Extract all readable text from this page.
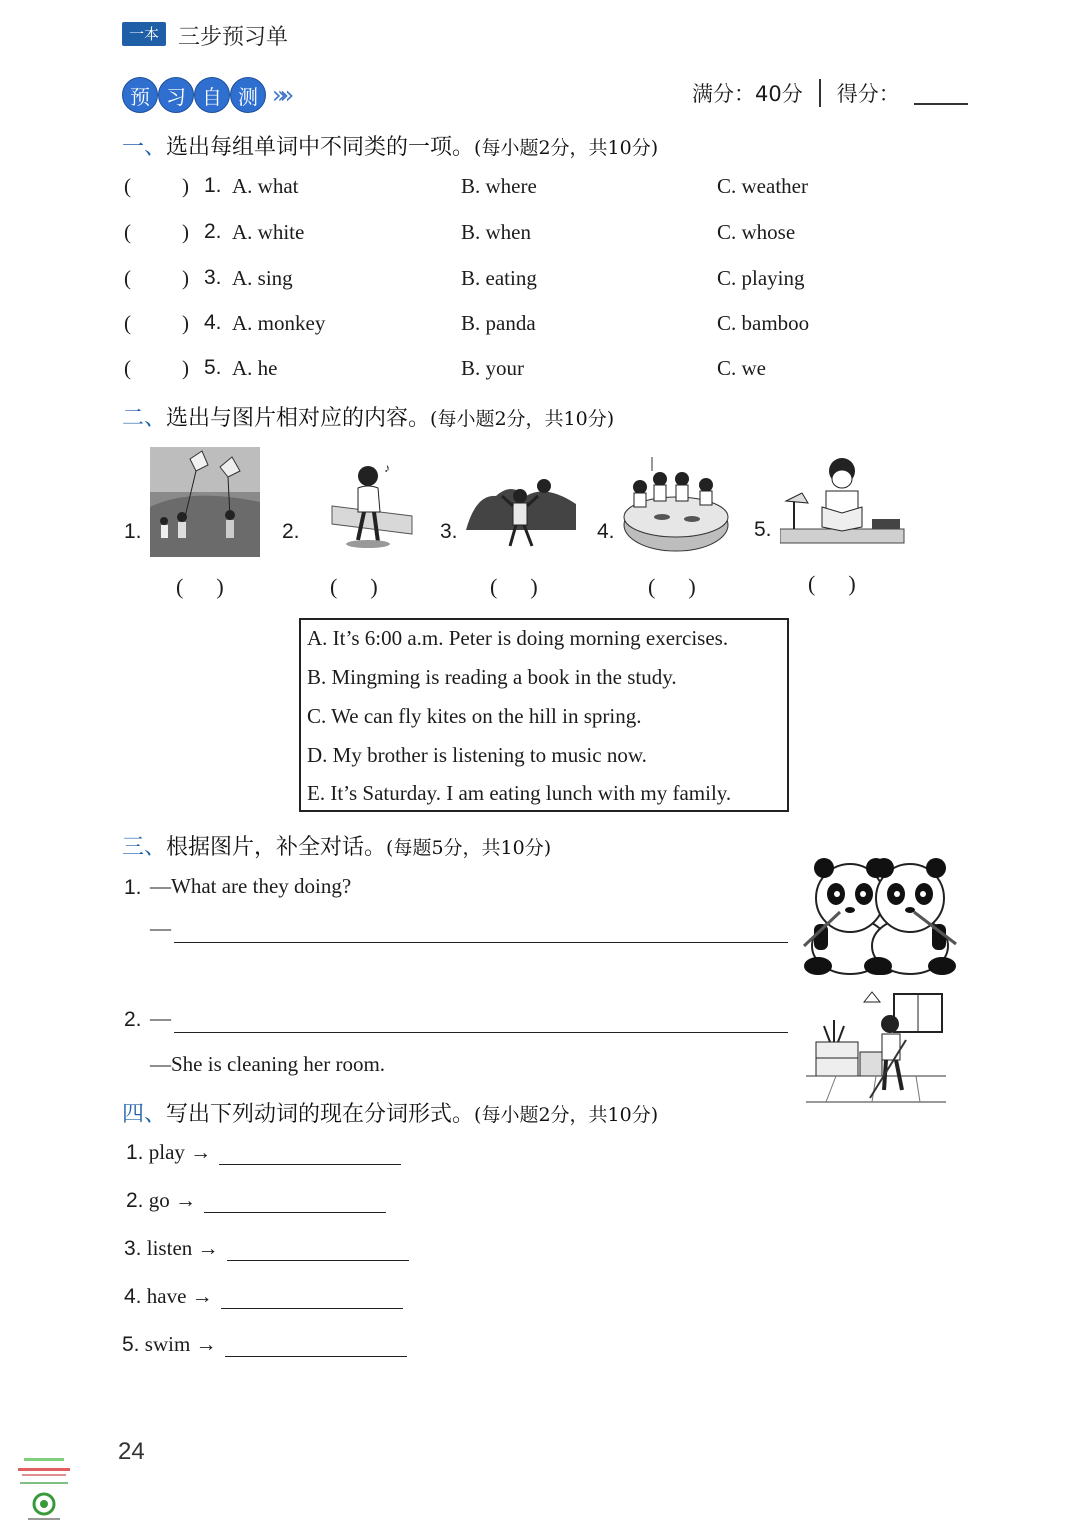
一本 三步预习单
预 习 自 测 »»	满分：40分 得分：
一、选出每组单词中不同类的一项。(每小题2分，共10分)
( ) 1. A. what	B. where	C. weather
( ) 2. A. white	B. when	C. whose
( ) 3. A. sing	B. eating	C. playing
( ) 4. A. monkey	B. panda	C. bamboo
( ) 5. A. he	B. your	C. we
二、选出与图片相对应的内容。(每小题2分，共10分)
1.	2.	3.	4.	5.
♪
(      )	(      )	(      )	(      )	(      )
A. It’s 6:00 a.m. Peter is doing morning exercises.
B. Mingming is reading a book in the study.
C. We can fly kites on the hill in spring.
D. My brother is listening to music now.
E. It’s Saturday. I am eating lunch with my family.
三、根据图片，补全对话。(每题5分，共10分)
1. —What are they doing?
—
2. —
—She is cleaning her room.
四、写出下列动词的现在分词形式。(每小题2分，共10分)
1.
play
→
2.
go
→
3.
listen
→
4.
have
→
5.
swim
→
24
